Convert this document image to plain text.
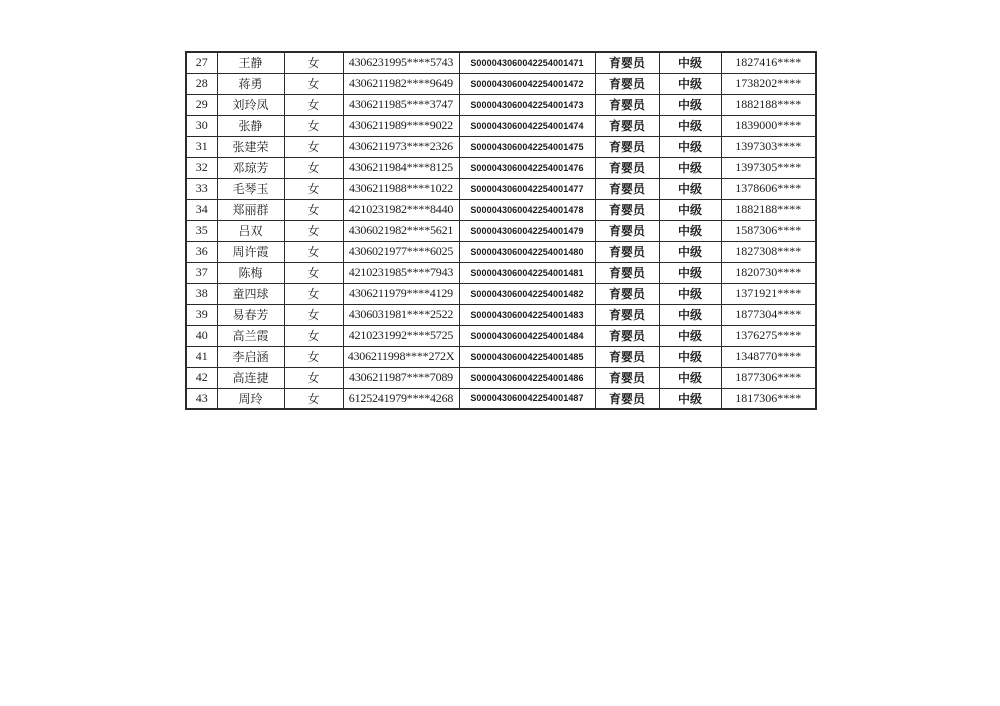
27	王静	女	4306231995****5743	S000043060042254001471	育婴员	中级	1827416****
28	蒋勇	女	4306211982****9649	S000043060042254001472	育婴员	中级	1738202****
29	刘玲凤	女	4306211985****3747	S000043060042254001473	育婴员	中级	1882188****
30	张静	女	4306211989****9022	S000043060042254001474	育婴员	中级	1839000****
31	张建荣	女	4306211973****2326	S000043060042254001475	育婴员	中级	1397303****
32	邓琼芳	女	4306211984****8125	S000043060042254001476	育婴员	中级	1397305****
33	毛琴玉	女	4306211988****1022	S000043060042254001477	育婴员	中级	1378606****
34	郑丽群	女	4210231982****8440	S000043060042254001478	育婴员	中级	1882188****
35	吕双	女	4306021982****5621	S000043060042254001479	育婴员	中级	1587306****
36	周许霞	女	4306021977****6025	S000043060042254001480	育婴员	中级	1827308****
37	陈梅	女	4210231985****7943	S000043060042254001481	育婴员	中级	1820730****
38	童四球	女	4306211979****4129	S000043060042254001482	育婴员	中级	1371921****
39	易春芳	女	4306031981****2522	S000043060042254001483	育婴员	中级	1877304****
40	高兰霞	女	4210231992****5725	S000043060042254001484	育婴员	中级	1376275****
41	李启涵	女	4306211998****272X	S000043060042254001485	育婴员	中级	1348770****
42	高连捷	女	4306211987****7089	S000043060042254001486	育婴员	中级	1877306****
43	周玲	女	6125241979****4268	S000043060042254001487	育婴员	中级	1817306****
